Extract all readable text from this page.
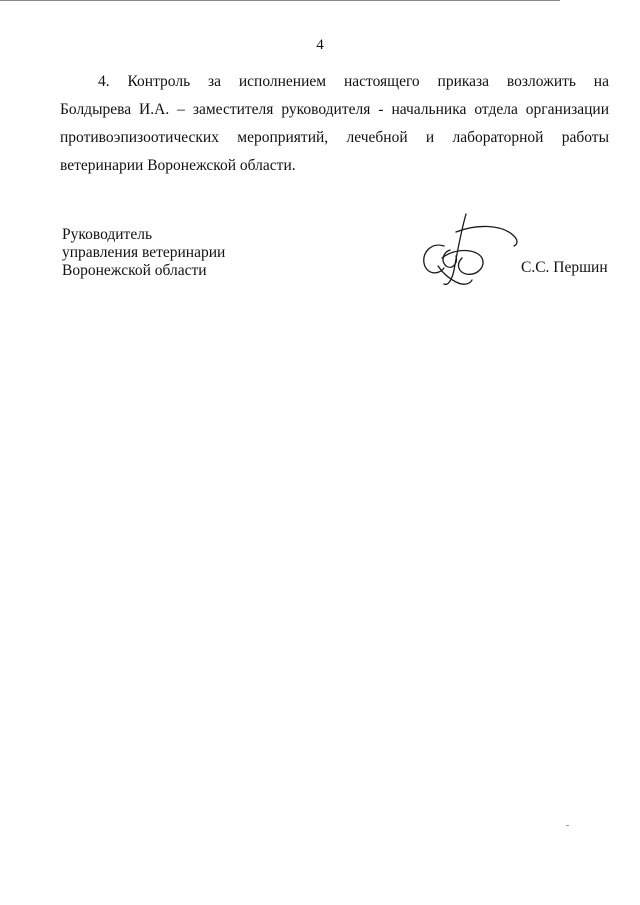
4
4. Контроль за исполнением настоящего приказа возложить на
Болдырева И.А. – заместителя руководителя - начальника отдела организации
противоэпизоотических мероприятий, лечебной и лабораторной работы
ветеринарии Воронежской области.
Руководитель
управления ветеринарии
Воронежской области	С.С. Першин
